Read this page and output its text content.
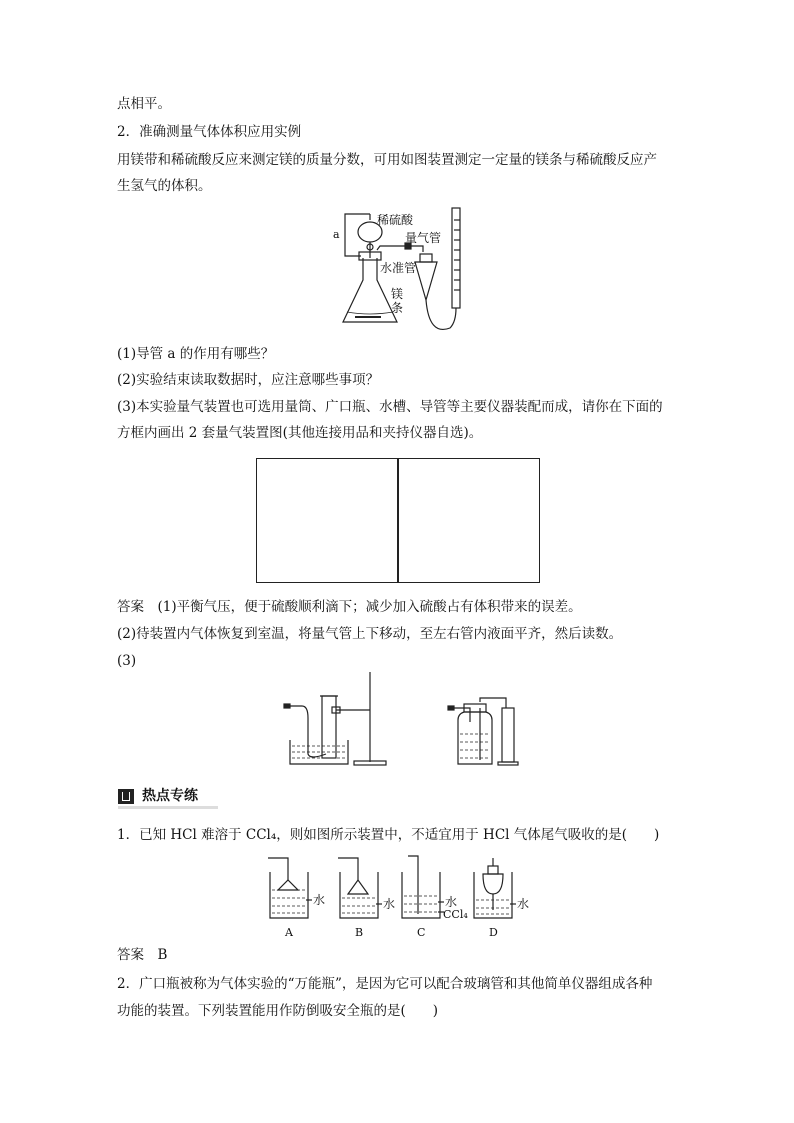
点相平。
2．准确测量气体体积应用实例
用镁带和稀硫酸反应来测定镁的质量分数，可用如图装置测定一定量的镁条与稀硫酸反应产
生氢气的体积。
a
稀硫酸
量气管
水准管
镁条
(1)导管 a 的作用有哪些？
(2)实验结束读取数据时，应注意哪些事项？
(3)本实验量气装置也可选用量筒、广口瓶、水槽、导管等主要仪器装配而成，请你在下面的
方框内画出 2 套量气装置图(其他连接用品和夹持仪器自选)。
答案　(1)平衡气压，便于硫酸顺利滴下；减少加入硫酸占有体积带来的误差。
(2)待装置内气体恢复到室温，将量气管上下移动，至左右管内液面平齐，然后读数。
(3)
热点专练
1．已知 HCl 难溶于 CCl₄，则如图所示装置中，不适宜用于 HCl 气体尾气吸收的是(　　)
水	水	水
CCl₄
水
A	B	C	D
答案　B
2．广口瓶被称为气体实验的“万能瓶”，是因为它可以配合玻璃管和其他简单仪器组成各种
功能的装置。下列装置能用作防倒吸安全瓶的是(　　)
